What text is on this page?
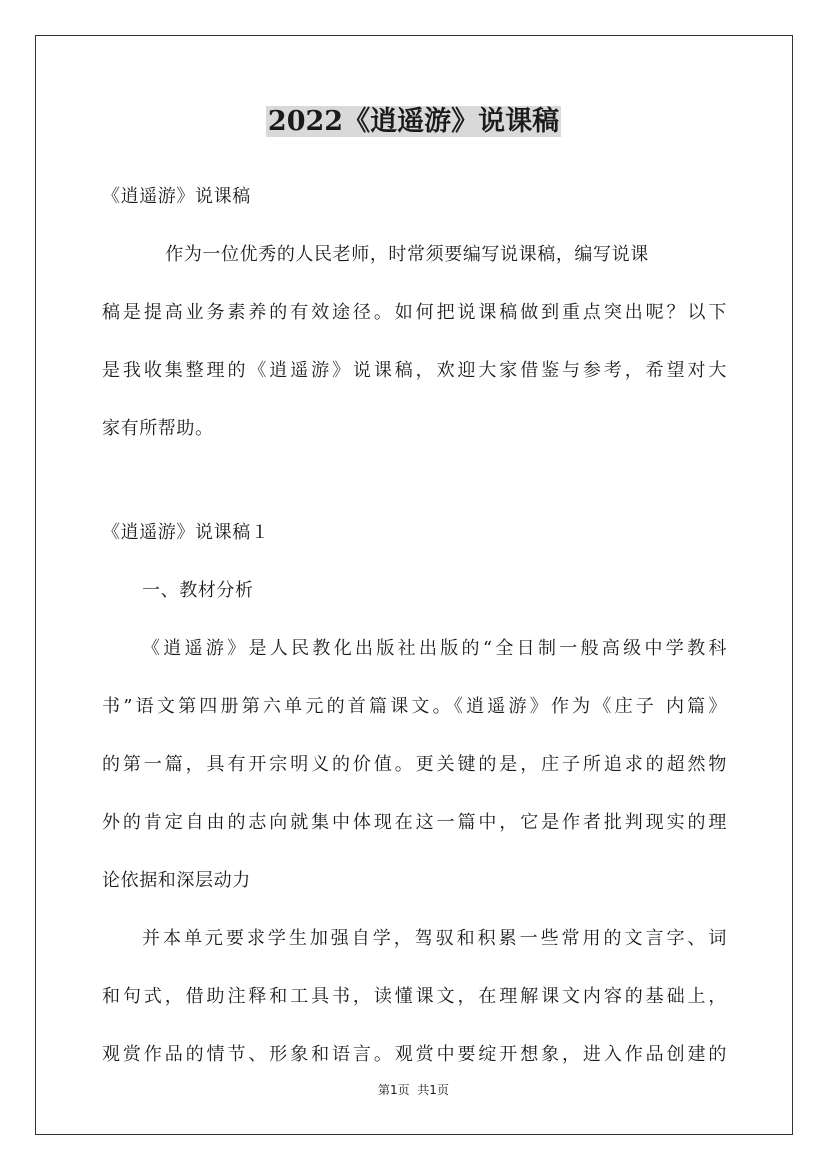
2022《逍遥游》说课稿

《逍遥游》说课稿

作为一位优秀的人民老师，时常须要编写说课稿，编写说课

稿是提高业务素养的有效途径。如何把说课稿做到重点突出呢？以下

是我收集整理的《逍遥游》说课稿，欢迎大家借鉴与参考，希望对大

家有所帮助。

《逍遥游》说课稿１

一、教材分析

《逍遥游》是人民教化出版社出版的“全日制一般高级中学教科

书”语文第四册第六单元的首篇课文。《逍遥游》作为《庄子 内篇》

的第一篇，具有开宗明义的价值。更关键的是，庄子所追求的超然物

外的肯定自由的志向就集中体现在这一篇中，它是作者批判现实的理

论依据和深层动力

并本单元要求学生加强自学，驾驭和积累一些常用的文言字、词

和句式，借助注释和工具书，读懂课文，在理解课文内容的基础上，

观赏作品的情节、形象和语言。观赏中要绽开想象，进入作品创建的

第1页  共1页
